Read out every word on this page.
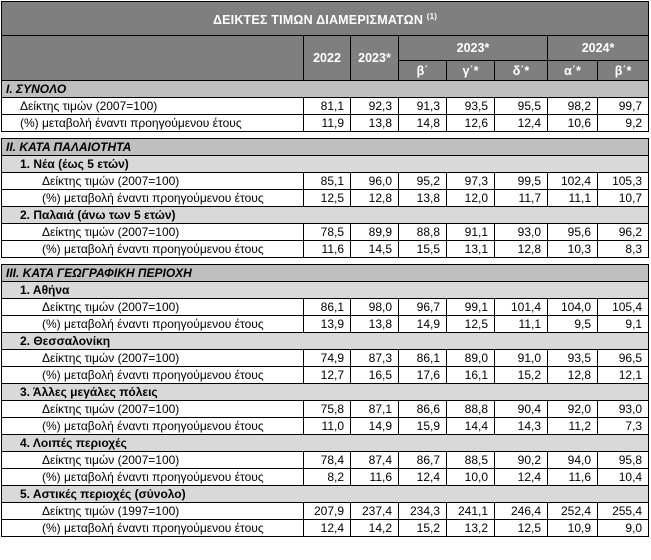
ΔΕΙΚΤΕΣ ΤΙΜΩΝ ΔΙΑΜΕΡΙΣΜΑΤΩΝ $^{(1)}$
	2022	2023*	2023*			2024*	
			β΄	γ΄*	δ΄*	α΄*	β΄*
I. ΣΥΝΟΛΟ							
Δείκτης τιμών (2007=100)	81,1	92,3	91,3	93,5	95,5	98,2	99,7
(%) μεταβολή έναντι προηγούμενου έτους	11,9	13,8	14,8	12,6	12,4	10,6	9,2

II. ΚΑΤΑ ΠΑΛΑΙΟΤΗΤΑ							
1. Νέα (έως 5 ετών)							
Δείκτης τιμών (2007=100)	85,1	96,0	95,2	97,3	99,5	102,4	105,3
(%) μεταβολή έναντι προηγούμενου έτους	12,5	12,8	13,8	12,0	11,7	11,1	10,7
2. Παλαιά (άνω των 5 ετών)							
Δείκτης τιμών (2007=100)	78,5	89,9	88,8	91,1	93,0	95,6	96,2
(%) μεταβολή έναντι προηγούμενου έτους	11,6	14,5	15,5	13,1	12,8	10,3	8,3

III. ΚΑΤΑ ΓΕΩΓΡΑΦΙΚΗ ΠΕΡΙΟΧΗ							
1. Αθήνα							
Δείκτης τιμών (2007=100)	86,1	98,0	96,7	99,1	101,4	104,0	105,4
(%) μεταβολή έναντι προηγούμενου έτους	13,9	13,8	14,9	12,5	11,1	9,5	9,1
2. Θεσσαλονίκη							
Δείκτης τιμών (2007=100)	74,9	87,3	86,1	89,0	91,0	93,5	96,5
(%) μεταβολή έναντι προηγούμενου έτους	12,7	16,5	17,6	16,1	15,2	12,8	12,1
3. Άλλες μεγάλες πόλεις							
Δείκτης τιμών (2007=100)	75,8	87,1	86,6	88,8	90,4	92,0	93,0
(%) μεταβολή έναντι προηγούμενου έτους	11,0	14,9	15,9	14,4	14,3	11,2	7,3
4. Λοιπές περιοχές							
Δείκτης τιμών (2007=100)	78,4	87,4	86,7	88,5	90,2	94,0	95,8
(%) μεταβολή έναντι προηγούμενου έτους	8,2	11,6	12,4	10,0	12,4	11,6	10,4
5. Αστικές περιοχές (σύνολο)							
Δείκτης τιμών (1997=100)	207,9	237,4	234,3	241,1	246,4	252,4	255,4
(%) μεταβολή έναντι προηγούμενου έτους	12,4	14,2	15,2	13,2	12,5	10,9	9,0
